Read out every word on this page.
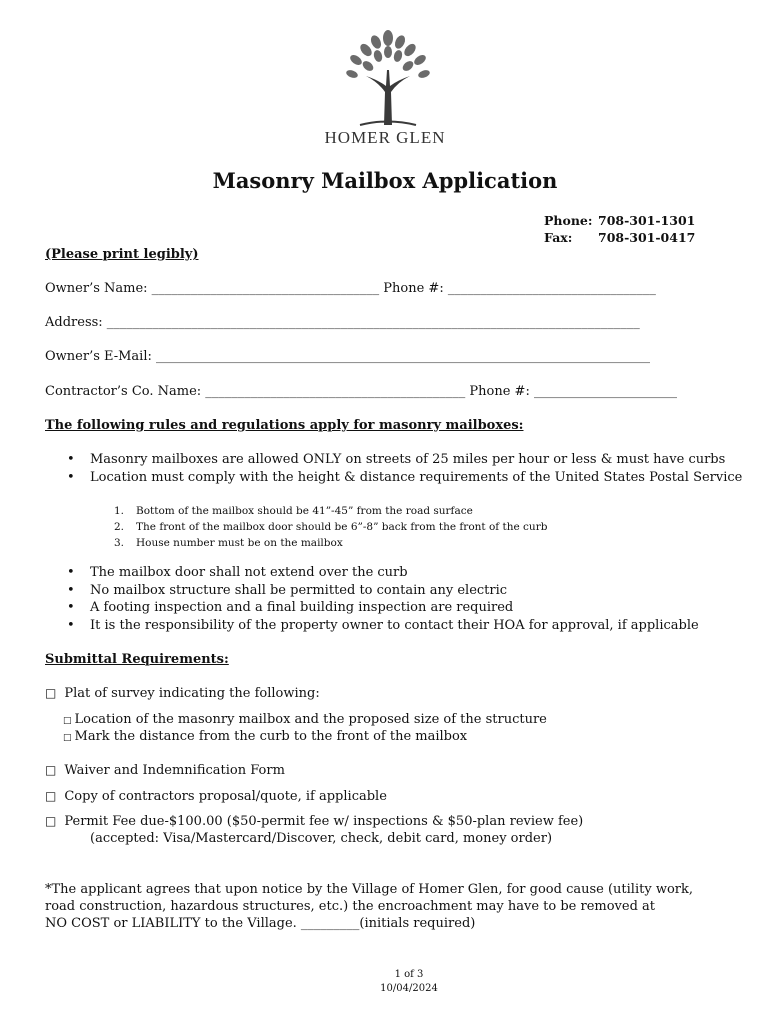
HOMER GLEN
Masonry Mailbox Application
Phone: 708-301-1301
Fax: 708-301-0417
(Please print legibly)
Owner’s Name: ___________________________________ Phone #: ________________________________
Address: __________________________________________________________________________________
Owner’s E-Mail: ____________________________________________________________________________
Contractor’s Co. Name: ________________________________________ Phone #: ______________________
The following rules and regulations apply for masonry mailboxes:
• Masonry mailboxes are allowed ONLY on streets of 25 miles per hour or less & must have curbs
• Location must comply with the height & distance requirements of the United States Postal Service
1. Bottom of the mailbox should be 41”-45” from the road surface
2. The front of the mailbox door should be 6”-8” back from the front of the curb
3. House number must be on the mailbox
• The mailbox door shall not extend over the curb
• No mailbox structure shall be permitted to contain any electric
• A footing inspection and a final building inspection are required
• It is the responsibility of the property owner to contact their HOA for approval, if applicable
Submittal Requirements:
□ Plat of survey indicating the following:
□ Location of the masonry mailbox and the proposed size of the structure
□ Mark the distance from the curb to the front of the mailbox
□ Waiver and Indemnification Form
□ Copy of contractors proposal/quote, if applicable
□ Permit Fee due-$100.00 ($50-permit fee w/ inspections & $50-plan review fee)
(accepted: Visa/Mastercard/Discover, check, debit card, money order)
*The applicant agrees that upon notice by the Village of Homer Glen, for good cause (utility work,
road construction, hazardous structures, etc.) the encroachment may have to be removed at
NO COST or LIABILITY to the Village. _________(initials required)
1 of 3
10/04/2024
